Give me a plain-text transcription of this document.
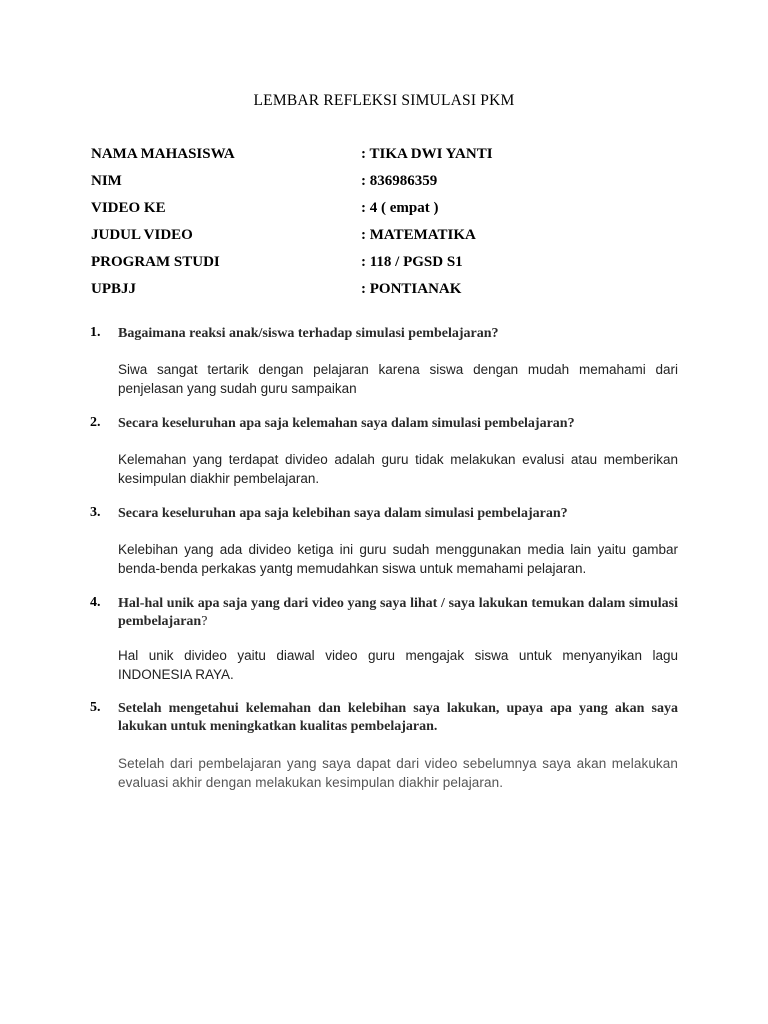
LEMBAR REFLEKSI SIMULASI PKM
NAMA MAHASISWA	: TIKA DWI YANTI
NIM	: 836986359
VIDEO KE	: 4 ( empat )
JUDUL VIDEO	: MATEMATIKA
PROGRAM STUDI	: 118 / PGSD S1
UPBJJ	: PONTIANAK
1. Bagaimana reaksi anak/siswa terhadap simulasi pembelajaran?
Siwa sangat tertarik dengan pelajaran karena siswa dengan mudah memahami dari penjelasan yang sudah guru sampaikan
2. Secara keseluruhan apa saja kelemahan saya dalam simulasi pembelajaran?
Kelemahan yang terdapat divideo adalah guru tidak melakukan evalusi atau memberikan kesimpulan diakhir pembelajaran.
3. Secara keseluruhan apa saja kelebihan saya dalam simulasi pembelajaran?
Kelebihan yang ada divideo ketiga ini guru sudah menggunakan media lain yaitu gambar benda-benda perkakas yantg memudahkan siswa untuk memahami pelajaran.
4. Hal-hal unik apa saja yang dari video yang saya lihat / saya lakukan temukan dalam simulasi pembelajaran?
Hal unik divideo yaitu diawal video guru mengajak siswa untuk menyanyikan lagu INDONESIA RAYA.
5. Setelah mengetahui kelemahan dan kelebihan saya lakukan, upaya apa yang akan saya lakukan untuk meningkatkan kualitas pembelajaran.
Setelah dari pembelajaran yang saya dapat dari video sebelumnya saya akan melakukan evaluasi akhir dengan melakukan kesimpulan diakhir pelajaran.
